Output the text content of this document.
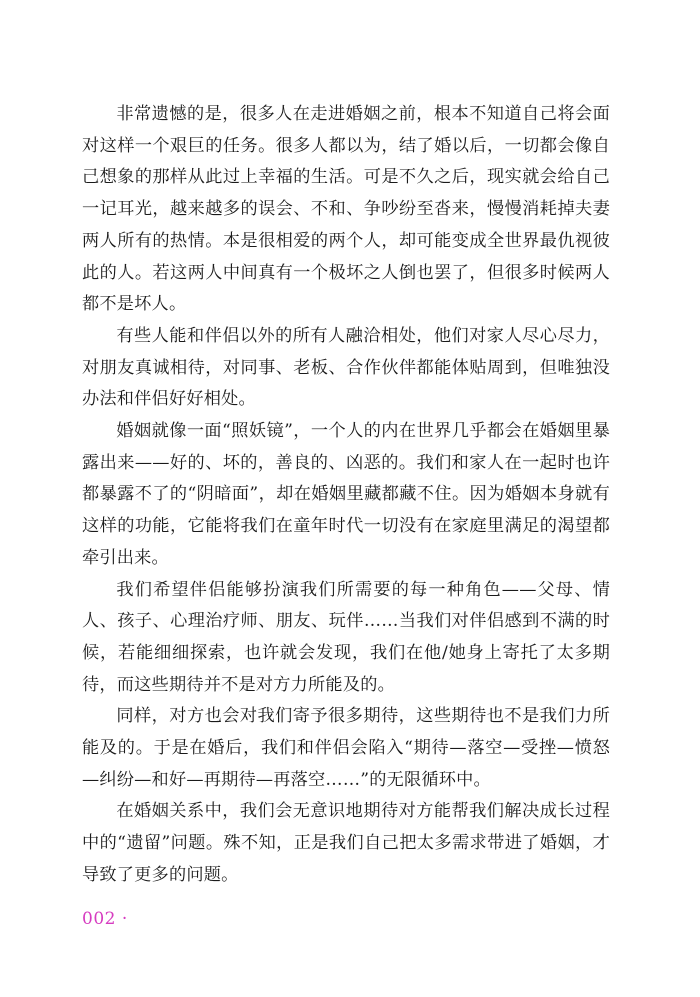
非常遗憾的是，很多人在走进婚姻之前，根本不知道自己将会面对这样一个艰巨的任务。很多人都以为，结了婚以后，一切都会像自己想象的那样从此过上幸福的生活。可是不久之后，现实就会给自己一记耳光，越来越多的误会、不和、争吵纷至沓来，慢慢消耗掉夫妻两人所有的热情。本是很相爱的两个人，却可能变成全世界最仇视彼此的人。若这两人中间真有一个极坏之人倒也罢了，但很多时候两人都不是坏人。

有些人能和伴侣以外的所有人融洽相处，他们对家人尽心尽力，对朋友真诚相待，对同事、老板、合作伙伴都能体贴周到，但唯独没办法和伴侣好好相处。

婚姻就像一面“照妖镜”，一个人的内在世界几乎都会在婚姻里暴露出来——好的、坏的，善良的、凶恶的。我们和家人在一起时也许都暴露不了的“阴暗面”，却在婚姻里藏都藏不住。因为婚姻本身就有这样的功能，它能将我们在童年时代一切没有在家庭里满足的渴望都牵引出来。

我们希望伴侣能够扮演我们所需要的每一种角色——父母、情人、孩子、心理治疗师、朋友、玩伴……当我们对伴侣感到不满的时候，若能细细探索，也许就会发现，我们在他/她身上寄托了太多期待，而这些期待并不是对方力所能及的。

同样，对方也会对我们寄予很多期待，这些期待也不是我们力所能及的。于是在婚后，我们和伴侣会陷入“期待—落空—受挫—愤怒—纠纷—和好—再期待—再落空……”的无限循环中。

在婚姻关系中，我们会无意识地期待对方能帮我们解决成长过程中的“遗留”问题。殊不知，正是我们自己把太多需求带进了婚姻，才导致了更多的问题。

002 ·
